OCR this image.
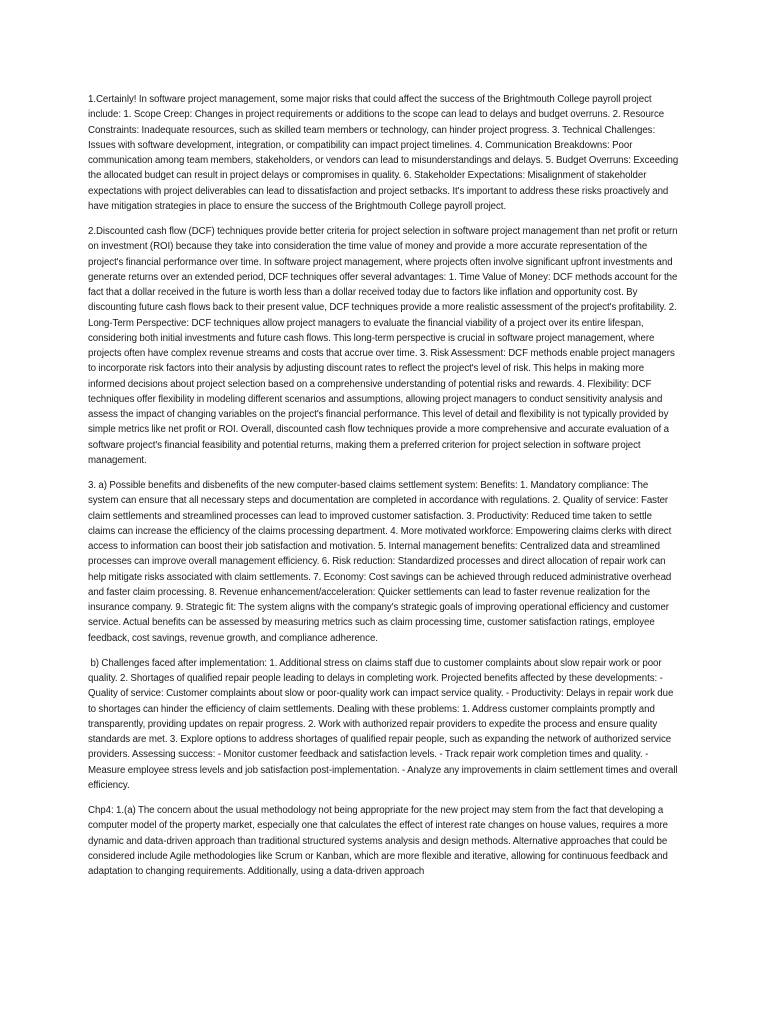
1.Certainly! In software project management, some major risks that could affect the success of the Brightmouth College payroll project include: 1. Scope Creep: Changes in project requirements or additions to the scope can lead to delays and budget overruns. 2. Resource Constraints: Inadequate resources, such as skilled team members or technology, can hinder project progress. 3. Technical Challenges: Issues with software development, integration, or compatibility can impact project timelines. 4. Communication Breakdowns: Poor communication among team members, stakeholders, or vendors can lead to misunderstandings and delays. 5. Budget Overruns: Exceeding the allocated budget can result in project delays or compromises in quality. 6. Stakeholder Expectations: Misalignment of stakeholder expectations with project deliverables can lead to dissatisfaction and project setbacks. It's important to address these risks proactively and have mitigation strategies in place to ensure the success of the Brightmouth College payroll project.

2.Discounted cash flow (DCF) techniques provide better criteria for project selection in software project management than net profit or return on investment (ROI) because they take into consideration the time value of money and provide a more accurate representation of the project's financial performance over time. In software project management, where projects often involve significant upfront investments and generate returns over an extended period, DCF techniques offer several advantages: 1. Time Value of Money: DCF methods account for the fact that a dollar received in the future is worth less than a dollar received today due to factors like inflation and opportunity cost. By discounting future cash flows back to their present value, DCF techniques provide a more realistic assessment of the project's profitability. 2. Long-Term Perspective: DCF techniques allow project managers to evaluate the financial viability of a project over its entire lifespan, considering both initial investments and future cash flows. This long-term perspective is crucial in software project management, where projects often have complex revenue streams and costs that accrue over time. 3. Risk Assessment: DCF methods enable project managers to incorporate risk factors into their analysis by adjusting discount rates to reflect the project's level of risk. This helps in making more informed decisions about project selection based on a comprehensive understanding of potential risks and rewards. 4. Flexibility: DCF techniques offer flexibility in modeling different scenarios and assumptions, allowing project managers to conduct sensitivity analysis and assess the impact of changing variables on the project's financial performance. This level of detail and flexibility is not typically provided by simple metrics like net profit or ROI. Overall, discounted cash flow techniques provide a more comprehensive and accurate evaluation of a software project's financial feasibility and potential returns, making them a preferred criterion for project selection in software project management.

3. a) Possible benefits and disbenefits of the new computer-based claims settlement system: Benefits: 1. Mandatory compliance: The system can ensure that all necessary steps and documentation are completed in accordance with regulations. 2. Quality of service: Faster claim settlements and streamlined processes can lead to improved customer satisfaction. 3. Productivity: Reduced time taken to settle claims can increase the efficiency of the claims processing department. 4. More motivated workforce: Empowering claims clerks with direct access to information can boost their job satisfaction and motivation. 5. Internal management benefits: Centralized data and streamlined processes can improve overall management efficiency. 6. Risk reduction: Standardized processes and direct allocation of repair work can help mitigate risks associated with claim settlements. 7. Economy: Cost savings can be achieved through reduced administrative overhead and faster claim processing. 8. Revenue enhancement/acceleration: Quicker settlements can lead to faster revenue realization for the insurance company. 9. Strategic fit: The system aligns with the company's strategic goals of improving operational efficiency and customer service. Actual benefits can be assessed by measuring metrics such as claim processing time, customer satisfaction ratings, employee feedback, cost savings, revenue growth, and compliance adherence.

b) Challenges faced after implementation: 1. Additional stress on claims staff due to customer complaints about slow repair work or poor quality. 2. Shortages of qualified repair people leading to delays in completing work. Projected benefits affected by these developments: - Quality of service: Customer complaints about slow or poor-quality work can impact service quality. - Productivity: Delays in repair work due to shortages can hinder the efficiency of claim settlements. Dealing with these problems: 1. Address customer complaints promptly and transparently, providing updates on repair progress. 2. Work with authorized repair providers to expedite the process and ensure quality standards are met. 3. Explore options to address shortages of qualified repair people, such as expanding the network of authorized service providers. Assessing success: - Monitor customer feedback and satisfaction levels. - Track repair work completion times and quality. - Measure employee stress levels and job satisfaction post-implementation. - Analyze any improvements in claim settlement times and overall efficiency.

Chp4: 1.(a) The concern about the usual methodology not being appropriate for the new project may stem from the fact that developing a computer model of the property market, especially one that calculates the effect of interest rate changes on house values, requires a more dynamic and data-driven approach than traditional structured systems analysis and design methods. Alternative approaches that could be considered include Agile methodologies like Scrum or Kanban, which are more flexible and iterative, allowing for continuous feedback and adaptation to changing requirements. Additionally, using a data-driven approach
